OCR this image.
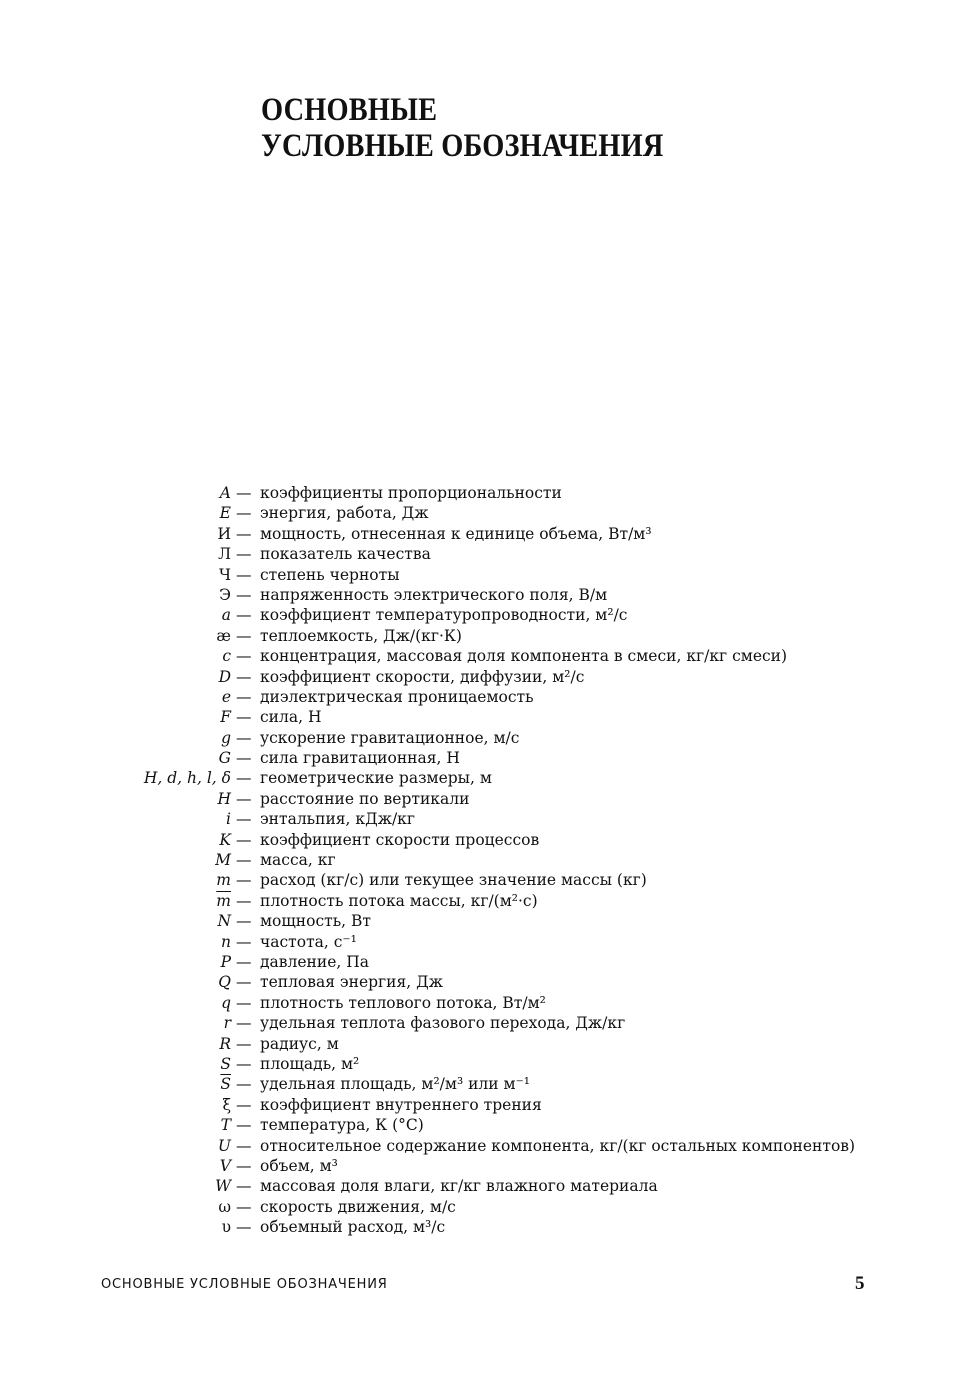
ОСНОВНЫЕ
УСЛОВНЫЕ ОБОЗНАЧЕНИЯ
A — коэффициенты пропорциональности
E — энергия, работа, Дж
И — мощность, отнесенная к единице объема, Вт/м³
Л — показатель качества
Ч — степень черноты
Э — напряженность электрического поля, В/м
a — коэффициент температуропроводности, м²/с
æ — теплоемкость, Дж/(кг·К)
c — концентрация, массовая доля компонента в смеси, кг/кг смеси)
D — коэффициент скорости, диффузии, м²/с
e — диэлектрическая проницаемость
F — сила, Н
g — ускорение гравитационное, м/с
G — сила гравитационная, Н
H, d, h, l, δ — геометрические размеры, м
H — расстояние по вертикали
i — энтальпия, кДж/кг
K — коэффициент скорости процессов
M — масса, кг
m — расход (кг/с) или текущее значение массы (кг)
$\overline{m}$ — плотность потока массы, кг/(м²·с)
N — мощность, Вт
n — частота, с⁻¹
P — давление, Па
Q — тепловая энергия, Дж
q — плотность теплового потока, Вт/м²
r — удельная теплота фазового перехода, Дж/кг
R — радиус, м
S — площадь, м²
$\overline{S}$ — удельная площадь, м²/м³ или м⁻¹
ξ — коэффициент внутреннего трения
T — температура, К (°С)
U — относительное содержание компонента, кг/(кг остальных компонентов)
V — объем, м³
W — массовая доля влаги, кг/кг влажного материала
ω — скорость движения, м/с
υ — объемный расход, м³/с
ОСНОВНЫЕ УСЛОВНЫЕ ОБОЗНАЧЕНИЯ	5
